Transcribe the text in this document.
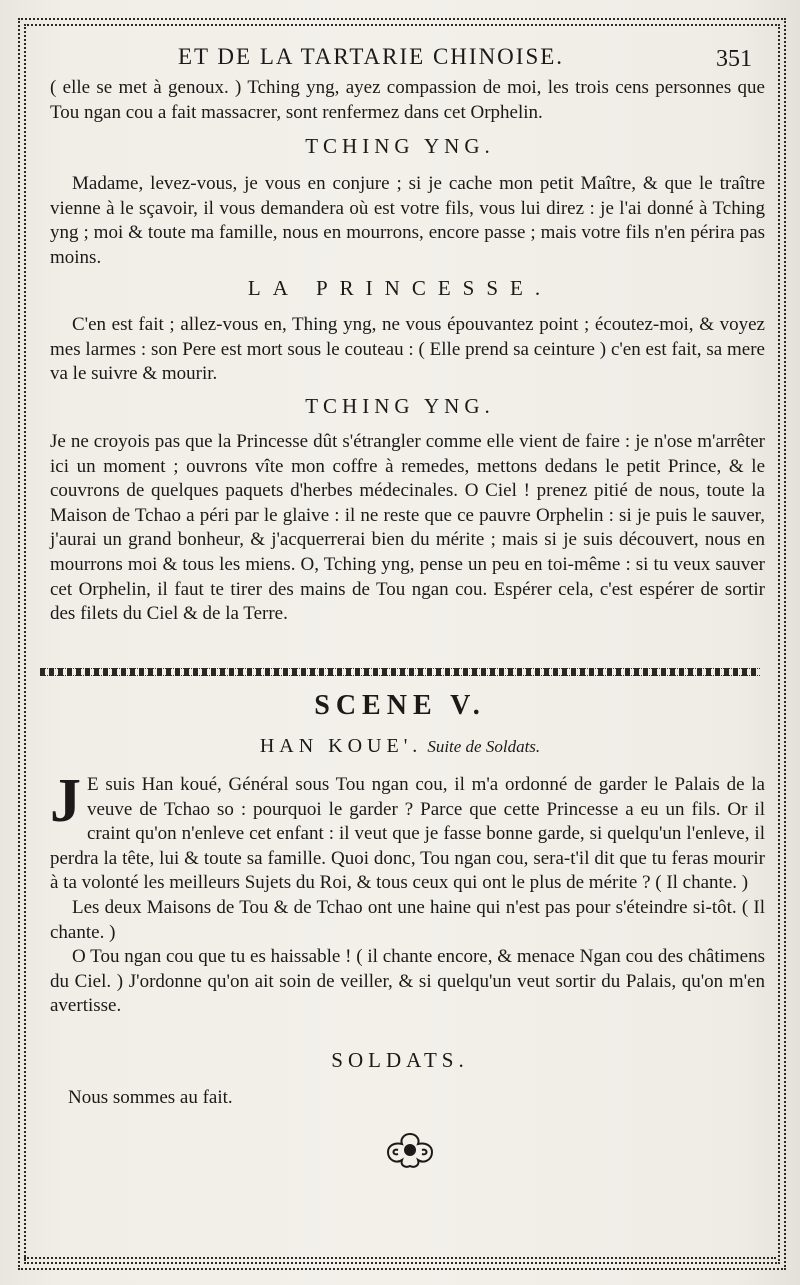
ET DE LA TARTARIE CHINOISE.	351

( elle se met à genoux. ) Tching yng, ayez compassion de moi, les trois cens personnes que Tou ngan cou a fait massacrer, sont renfermez dans cet Orphelin.

TCHING YNG.

Madame, levez-vous, je vous en conjure ; si je cache mon petit Maître, & que le traître vienne à le sçavoir, il vous demandera où est votre fils, vous lui direz : je l'ai donné à Tching yng ; moi & toute ma famille, nous en mourrons, encore passe ; mais votre fils n'en périra pas moins.

LA PRINCESSE.

C'en est fait ; allez-vous en, Thing yng, ne vous épouvantez point ; écoutez-moi, & voyez mes larmes : son Pere est mort sous le couteau : ( Elle prend sa ceinture ) c'en est fait, sa mere va le suivre & mourir.

TCHING YNG.

Je ne croyois pas que la Princesse dût s'étrangler comme elle vient de faire : je n'ose m'arrêter ici un moment ; ouvrons vîte mon coffre à remedes, mettons dedans le petit Prince, & le couvrons de quelques paquets d'herbes médecinales. O Ciel ! prenez pitié de nous, toute la Maison de Tchao a péri par le glaive : il ne reste que ce pauvre Orphelin : si je puis le sauver, j'aurai un grand bonheur, & j'acquerrerai bien du mérite ; mais si je suis découvert, nous en mourrons moi & tous les miens. O, Tching yng, pense un peu en toi-même : si tu veux sauver cet Orphelin, il faut te tirer des mains de Tou ngan cou. Espérer cela, c'est espérer de sortir des filets du Ciel & de la Terre.

SCENE V.
HAN KOUE'. Suite de Soldats.
J E suis Han koué, Général sous Tou ngan cou, il m'a ordonné de garder le Palais de la veuve de Tchao so : pourquoi le garder ? Parce que cette Princesse a eu un fils. Or il craint qu'on n'enleve cet enfant : il veut que je fasse bonne garde, si quelqu'un l'enleve, il perdra la tête, lui & toute sa famille. Quoi donc, Tou ngan cou, sera-t'il dit que tu feras mourir à ta volonté les meilleurs Sujets du Roi, & tous ceux qui ont le plus de mérite ? ( Il chante. )

Les deux Maisons de Tou & de Tchao ont une haine qui n'est pas pour s'éteindre si-tôt. ( Il chante. )

O Tou ngan cou que tu es haissable ! ( il chante encore, & menace Ngan cou des châtimens du Ciel. ) J'ordonne qu'on ait soin de veiller, & si quelqu'un veut sortir du Palais, qu'on m'en avertisse.

SOLDATS.

Nous sommes au fait.
